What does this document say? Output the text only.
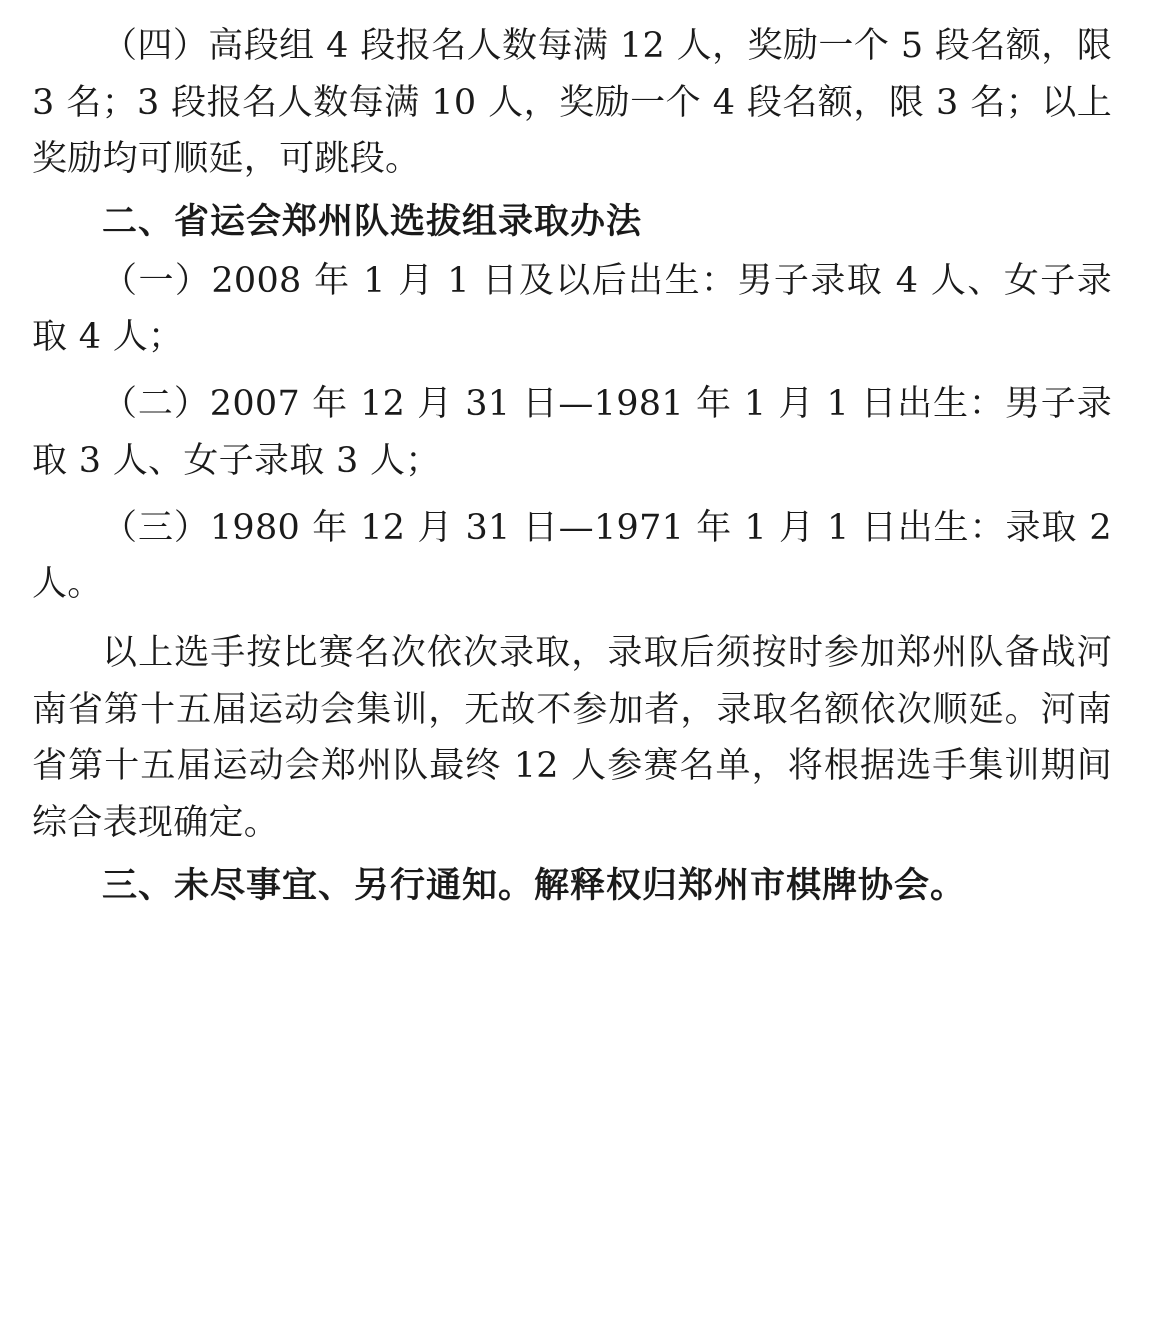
（四）高段组 4 段报名人数每满 12 人，奖励一个 5 段名额，限 3 名；3 段报名人数每满 10 人，奖励一个 4 段名额，限 3 名；以上奖励均可顺延，可跳段。

二、省运会郑州队选拔组录取办法

（一）2008 年 1 月 1 日及以后出生：男子录取 4 人、女子录取 4 人；

（二）2007 年 12 月 31 日—1981 年 1 月 1 日出生：男子录取 3 人、女子录取 3 人；

（三）1980 年 12 月 31 日—1971 年 1 月 1 日出生：录取 2 人。

以上选手按比赛名次依次录取，录取后须按时参加郑州队备战河南省第十五届运动会集训，无故不参加者，录取名额依次顺延。河南省第十五届运动会郑州队最终 12 人参赛名单，将根据选手集训期间综合表现确定。

三、未尽事宜、另行通知。解释权归郑州市棋牌协会。
